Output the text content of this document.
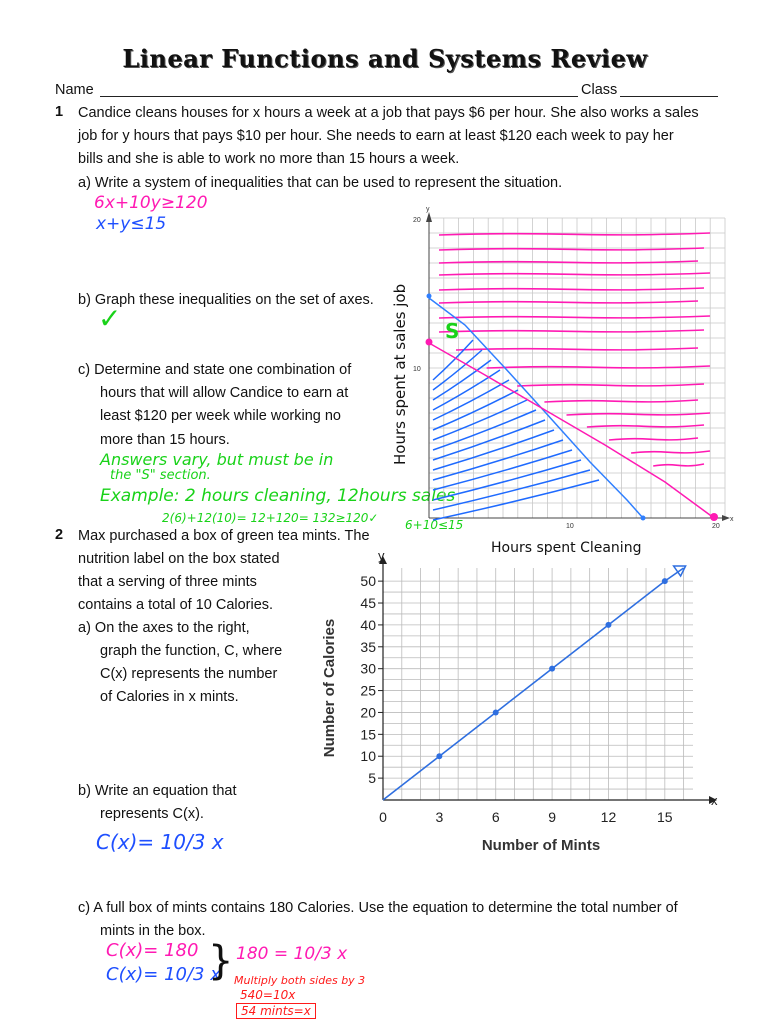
Linear Functions and Systems Review
Name	Class
1 Candice cleans houses for x hours a week at a job that pays $6 per hour. She also works a sales
job for y hours that pays $10 per hour. She needs to earn at least $120 each week to pay her
bills and she is able to work no more than 15 hours a week.
a) Write a system of inequalities that can be used to represent the situation.
6x+10y≥120
x+y≤15
b) Graph these inequalities on the set of axes.
✓
c) Determine and state one combination of
hours that will allow Candice to earn at
least $120 per week while working no
more than 15 hours.
Answers vary, but must be in
the "S" section.
Example: 2 hours cleaning, 12hours sales
2(6)+12(10)= 12+120= 132≥120✓ 6+10≤15
S
y
x
20
10
10	20
Hours spent at sales job
Hours spent Cleaning
2 Max purchased a box of green tea mints. The
nutrition label on the box stated
that a serving of three mints
contains a total of 10 Calories.
a) On the axes to the right,
graph the function, C, where
C(x) represents the number
of Calories in x mints.
b) Write an equation that
represents C(x).
C(x)= 10/3 x
0	3	6	9	12	15
5
10
15
20
25
30
35
40
45
50
Number of Calories
Number of Mints
y
x
c) A full box of mints contains 180 Calories. Use the equation to determine the total number of
mints in the box.
C(x)= 180
C(x)= 10/3 x
} 180 = 10/3 x
Multiply both sides by 3
540=10x
54 mints=x
